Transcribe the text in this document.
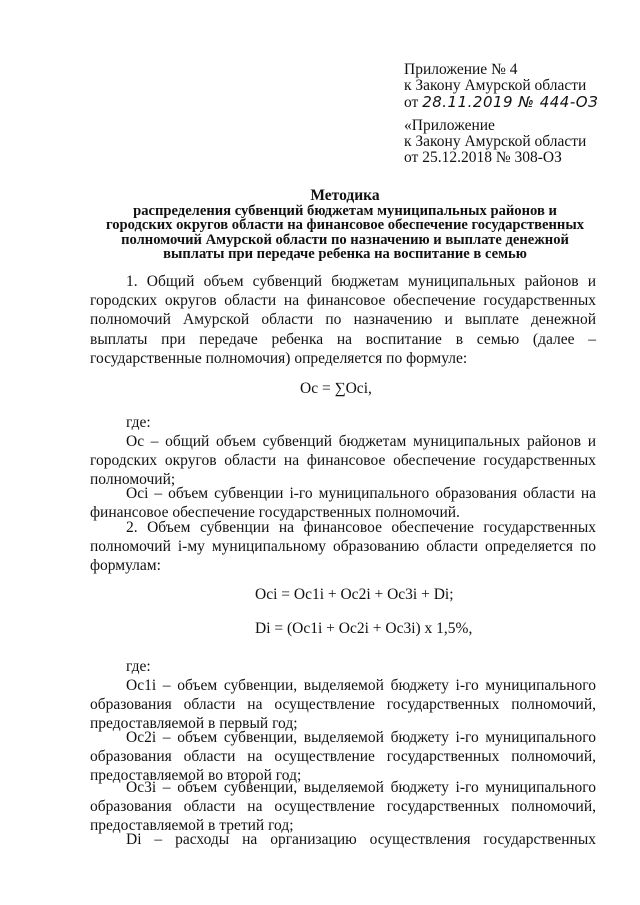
Приложение № 4
к Закону Амурской области
от 28.11.2019 № 444-ОЗ
«Приложение
к Закону Амурской области
от 25.12.2018 № 308-ОЗ
Методика
распределения субвенций бюджетам муниципальных районов и
городских округов области на финансовое обеспечение государственных
полномочий Амурской области по назначению и выплате денежной
выплаты при передаче ребенка на воспитание в семью
1. Общий объем субвенций бюджетам муниципальных районов и городских округов области на финансовое обеспечение государственных полномочий Амурской области по назначению и выплате денежной выплаты при передаче ребенка на воспитание в семью (далее – государственные полномочия) определяется по формуле:
Ос = ∑Осі,
где:
Ос – общий объем субвенций бюджетам муниципальных районов и городских округов области на финансовое обеспечение государственных полномочий;
Осі – объем субвенции і-го муниципального образования области на финансовое обеспечение государственных полномочий.
2. Объем субвенции на финансовое обеспечение государственных полномочий і-му муниципальному образованию области определяется по формулам:
Осі = Ос1і + Ос2і + Ос3і + Dі;
Dі = (Ос1і + Ос2і + Ос3і) х 1,5%,
где:
Ос1і – объем субвенции, выделяемой бюджету і-го муниципального образования области на осуществление государственных полномочий, предоставляемой в первый год;
Ос2і – объем субвенции, выделяемой бюджету і-го муниципального образования области на осуществление государственных полномочий, предоставляемой во второй год;
Ос3і – объем субвенции, выделяемой бюджету і-го муниципального образования области на осуществление государственных полномочий, предоставляемой в третий год;
Dі – расходы на организацию осуществления государственных
